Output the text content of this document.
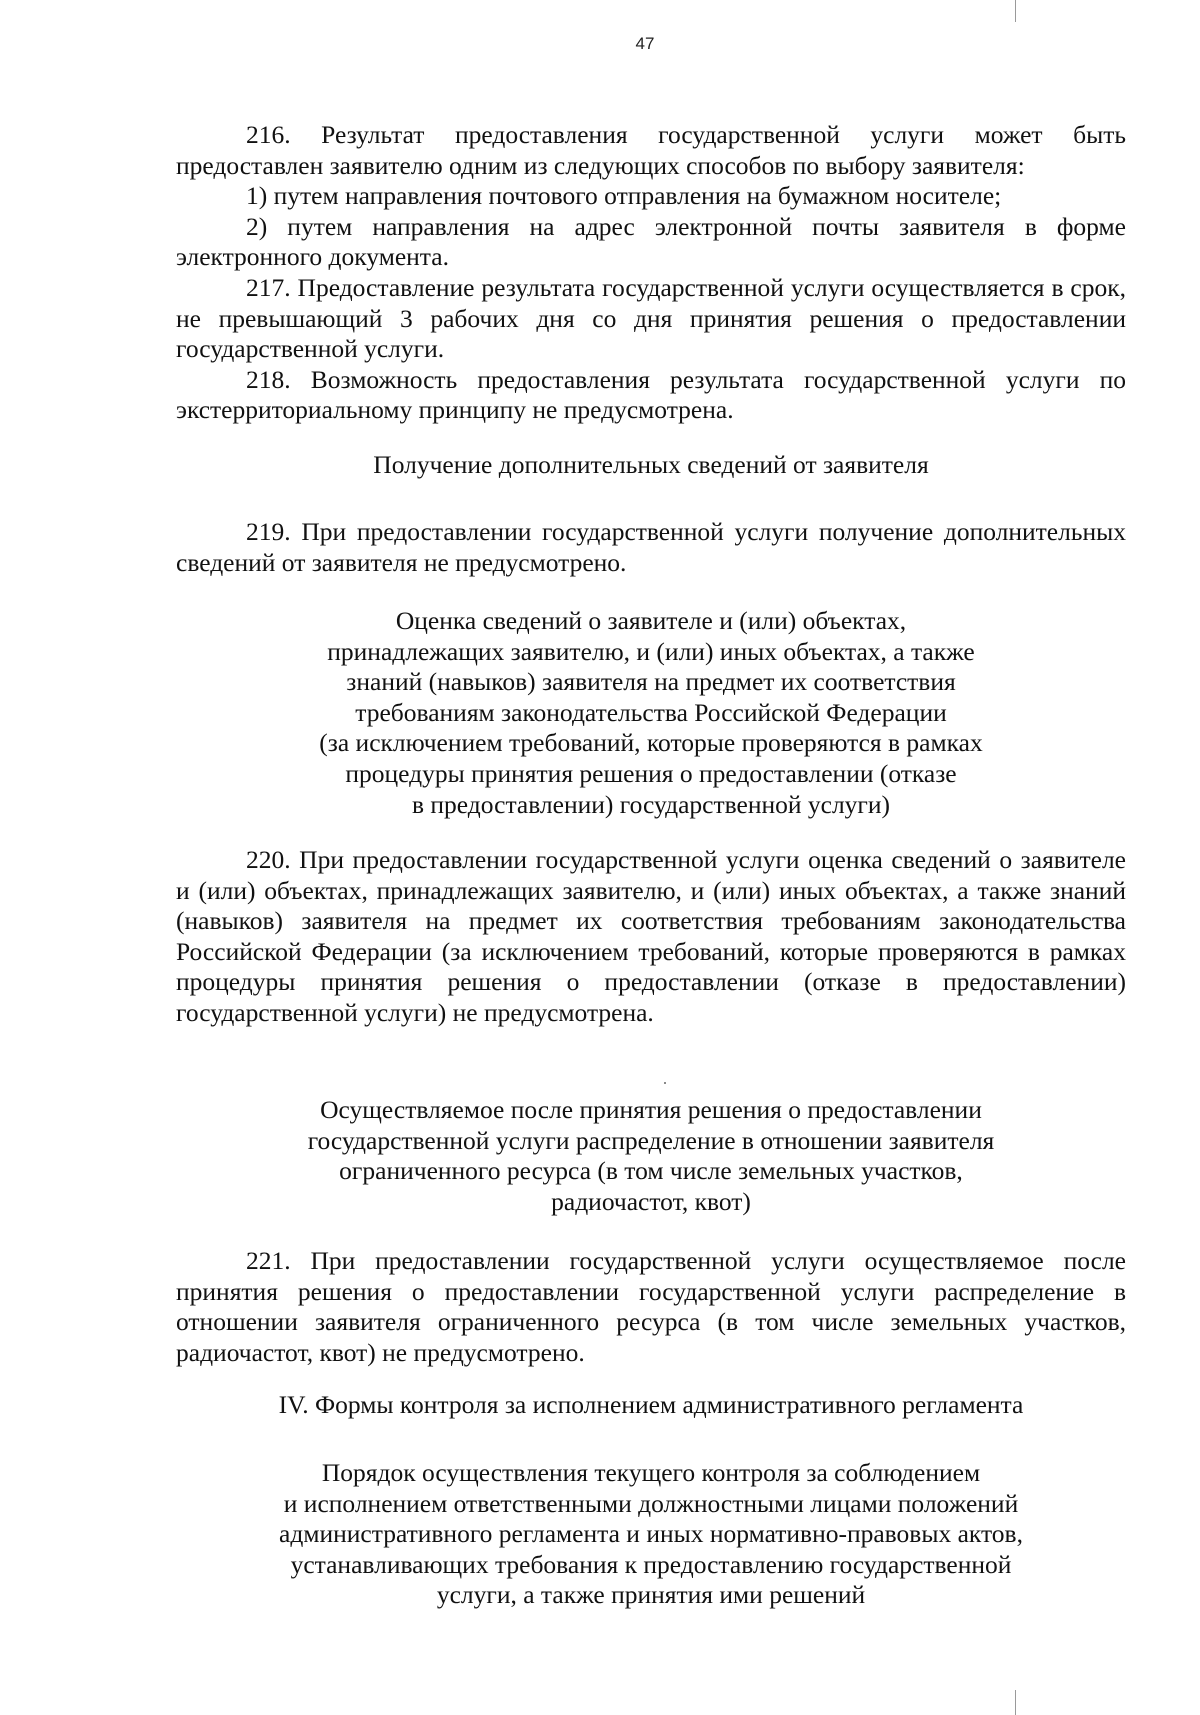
47

216. Результат предоставления государственной услуги может быть предоставлен заявителю одним из следующих способов по выбору заявителя:

1) путем направления почтового отправления на бумажном носителе;

2) путем направления на адрес электронной почты заявителя в форме электронного документа.

217. Предоставление результата государственной услуги осуществляется в срок, не превышающий 3 рабочих дня со дня принятия решения о предоставлении государственной услуги.

218. Возможность предоставления результата государственной услуги по экстерриториальному принципу не предусмотрена.

Получение дополнительных сведений от заявителя

219. При предоставлении государственной услуги получение дополнительных сведений от заявителя не предусмотрено.

Оценка сведений о заявителе и (или) объектах,

принадлежащих заявителю, и (или) иных объектах, а также

знаний (навыков) заявителя на предмет их соответствия

требованиям законодательства Российской Федерации

(за исключением требований, которые проверяются в рамках

процедуры принятия решения о предоставлении (отказе

в предоставлении) государственной услуги)

220. При предоставлении государственной услуги оценка сведений о заявителе и (или) объектах, принадлежащих заявителю, и (или) иных объектах, а также знаний (навыков) заявителя на предмет их соответствия требованиям законодательства Российской Федерации (за исключением требований, которые проверяются в рамках процедуры принятия решения о предоставлении (отказе в предоставлении) государственной услуги) не предусмотрена.

Осуществляемое после принятия решения о предоставлении

государственной услуги распределение в отношении заявителя

ограниченного ресурса (в том числе земельных участков,

радиочастот, квот)

221. При предоставлении государственной услуги осуществляемое после принятия решения о предоставлении государственной услуги распределение в отношении заявителя ограниченного ресурса (в том числе земельных участков, радиочастот, квот) не предусмотрено.

IV. Формы контроля за исполнением административного регламента

Порядок осуществления текущего контроля за соблюдением

и исполнением ответственными должностными лицами положений

административного регламента и иных нормативно-правовых актов,

устанавливающих требования к предоставлению государственной

услуги, а также принятия ими решений
